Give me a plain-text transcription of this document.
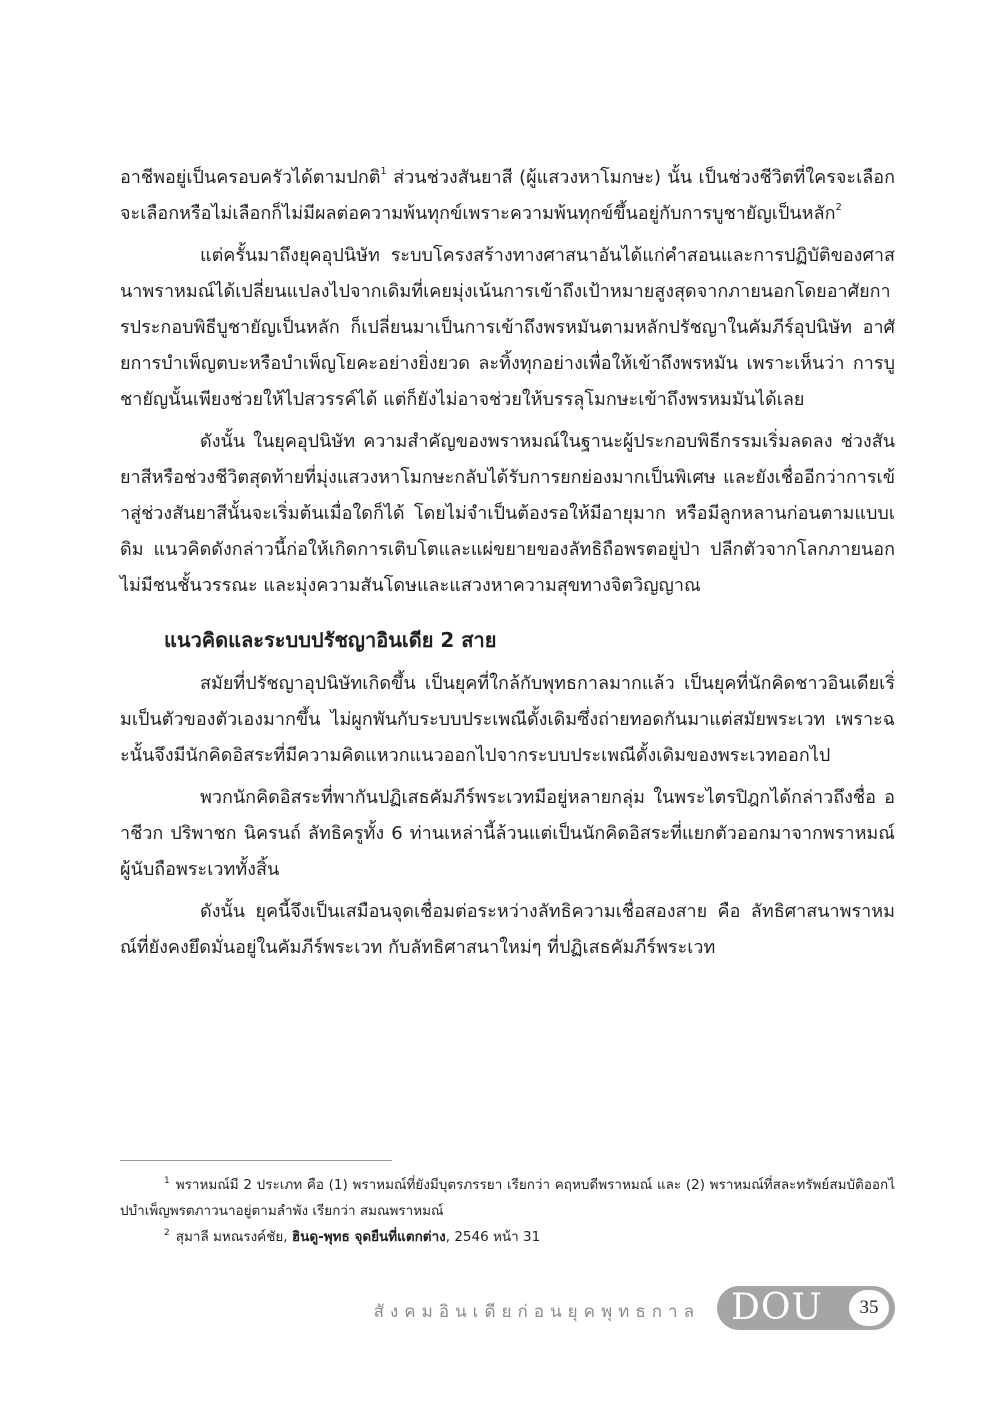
อาชีพอยู่เป็นครอบครัวได้ตามปกติ$^1$ ส่วนช่วงสันยาสี (ผู้แสวงหาโมกษะ) นั้น เป็นช่วงชีวิตที่ใครจะเลือกจะเลือกหรือไม่เลือกก็ไม่มีผลต่อความพ้นทุกข์เพราะความพ้นทุกข์ขึ้นอยู่กับการบูชายัญเป็นหลัก$^2$

แต่ครั้นมาถึงยุคอุปนิษัท ระบบโครงสร้างทางศาสนาอันได้แก่คำสอนและการปฏิบัติของศาสนาพราหมณ์ได้เปลี่ยนแปลงไปจากเดิมที่เคยมุ่งเน้นการเข้าถึงเป้าหมายสูงสุดจากภายนอกโดยอาศัยการประกอบพิธีบูชายัญเป็นหลัก ก็เปลี่ยนมาเป็นการเข้าถึงพรหมันตามหลักปรัชญาในคัมภีร์อุปนิษัท อาศัยการบำเพ็ญตบะหรือบำเพ็ญโยคะอย่างยิ่งยวด ละทิ้งทุกอย่างเพื่อให้เข้าถึงพรหมัน เพราะเห็นว่า การบูชายัญนั้นเพียงช่วยให้ไปสวรรค์ได้ แต่ก็ยังไม่อาจช่วยให้บรรลุโมกษะเข้าถึงพรหมมันได้เลย

ดังนั้น ในยุคอุปนิษัท ความสำคัญของพราหมณ์ในฐานะผู้ประกอบพิธีกรรมเริ่มลดลง ช่วงสันยาสีหรือช่วงชีวิตสุดท้ายที่มุ่งแสวงหาโมกษะกลับได้รับการยกย่องมากเป็นพิเศษ และยังเชื่ออีกว่าการเข้าสู่ช่วงสันยาสีนั้นจะเริ่มต้นเมื่อใดก็ได้ โดยไม่จำเป็นต้องรอให้มีอายุมาก หรือมีลูกหลานก่อนตามแบบเดิม แนวคิดดังกล่าวนี้ก่อให้เกิดการเติบโตและแผ่ขยายของลัทธิถือพรตอยู่ป่า ปลีกตัวจากโลกภายนอก ไม่มีชนชั้นวรรณะ และมุ่งความสันโดษและแสวงหาความสุขทางจิตวิญญาณ

แนวคิดและระบบปรัชญาอินเดีย 2 สาย

สมัยที่ปรัชญาอุปนิษัทเกิดขึ้น เป็นยุคที่ใกล้กับพุทธกาลมากแล้ว เป็นยุคที่นักคิดชาวอินเดียเริ่มเป็นตัวของตัวเองมากขึ้น ไม่ผูกพันกับระบบประเพณีดั้งเดิมซึ่งถ่ายทอดกันมาแต่สมัยพระเวท เพราะฉะนั้นจึงมีนักคิดอิสระที่มีความคิดแหวกแนวออกไปจากระบบประเพณีดั้งเดิมของพระเวทออกไป

พวกนักคิดอิสระที่พากันปฏิเสธคัมภีร์พระเวทมีอยู่หลายกลุ่ม ในพระไตรปิฎกได้กล่าวถึงชื่อ อาชีวก ปริพาชก นิครนถ์ ลัทธิครูทั้ง 6 ท่านเหล่านี้ล้วนแต่เป็นนักคิดอิสระที่แยกตัวออกมาจากพราหมณ์ผู้นับถือพระเวททั้งสิ้น

ดังนั้น ยุคนี้จึงเป็นเสมือนจุดเชื่อมต่อระหว่างลัทธิความเชื่อสองสาย คือ ลัทธิศาสนาพราหมณ์ที่ยังคงยึดมั่นอยู่ในคัมภีร์พระเวท กับลัทธิศาสนาใหม่ๆ ที่ปฏิเสธคัมภีร์พระเวท

$^1$ พราหมณ์มี 2 ประเภท คือ (1) พราหมณ์ที่ยังมีบุตรภรรยา เรียกว่า คฤหบดีพราหมณ์ และ (2) พราหมณ์ที่สละทรัพย์สมบัติออกไปบำเพ็ญพรตภาวนาอยู่ตามลำพัง เรียกว่า สมณพราหมณ์

$^2$ สุมาลี มหณรงค์ชัย, ฮินดู-พุทธ จุดยืนที่แตกต่าง, 2546 หน้า 31

สังคมอินเดียก่อนยุคพุทธกาล DOU	35
